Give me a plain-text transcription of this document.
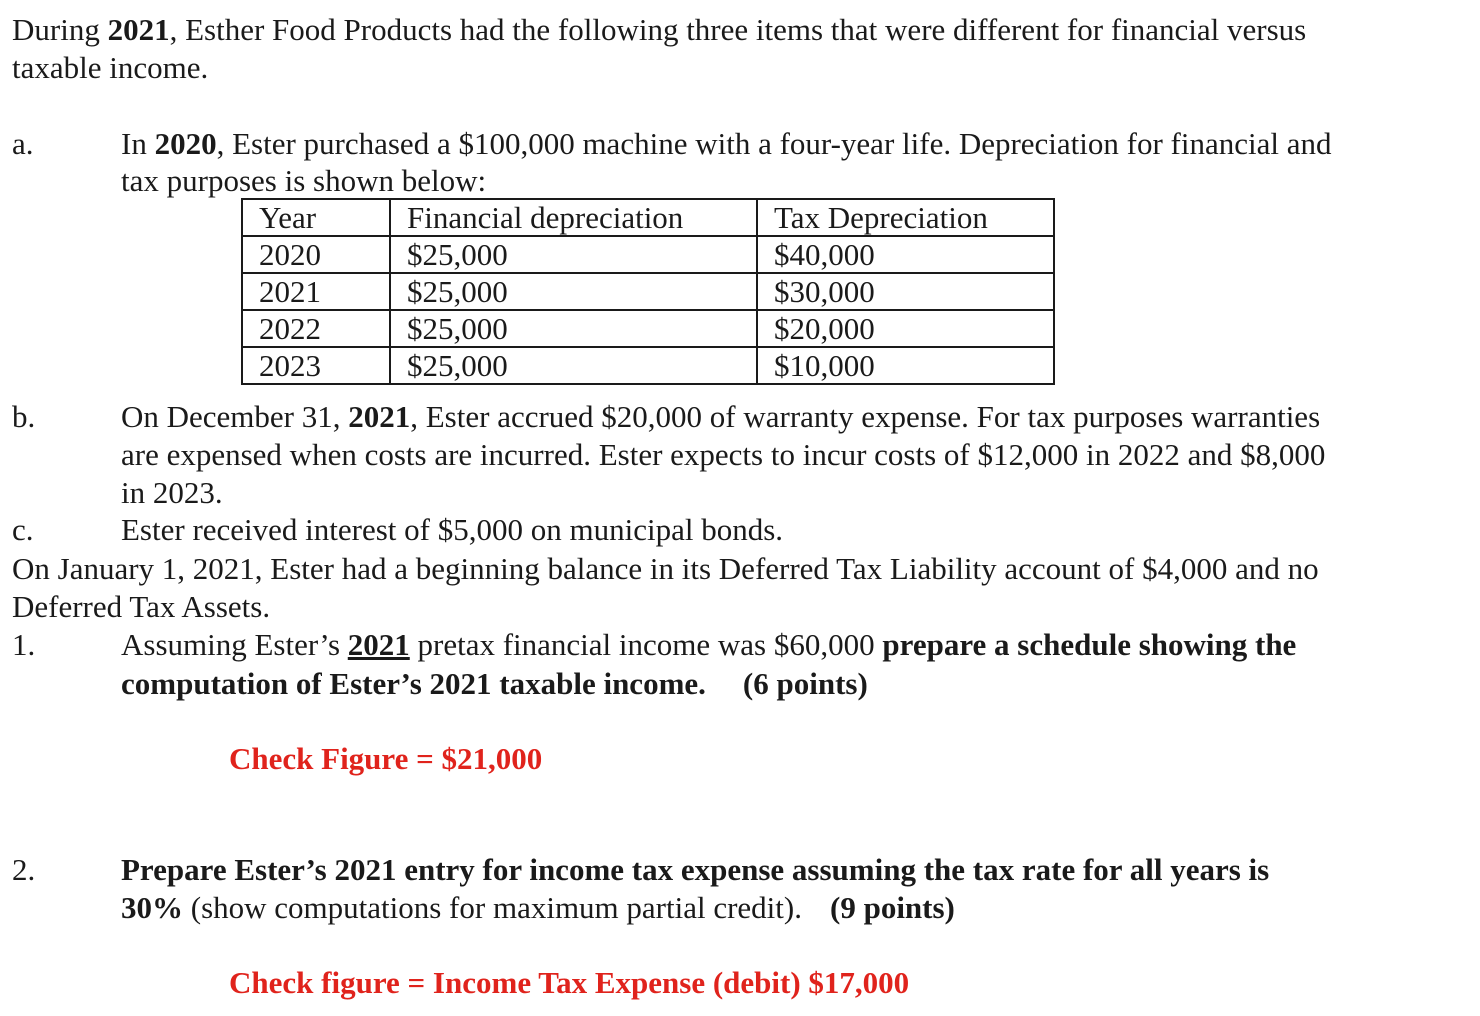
During 2021, Esther Food Products had the following three items that were different for financial versus
taxable income.
a.	In 2020, Ester purchased a $100,000 machine with a four-year life. Depreciation for financial and
tax purposes is shown below:
Year	Financial depreciation	Tax Depreciation
2020	$25,000	$40,000
2021	$25,000	$30,000
2022	$25,000	$20,000
2023	$25,000	$10,000
b.	On December 31, 2021, Ester accrued $20,000 of warranty expense. For tax purposes warranties
are expensed when costs are incurred. Ester expects to incur costs of $12,000 in 2022 and $8,000
in 2023.
c.	Ester received interest of $5,000 on municipal bonds.
On January 1, 2021, Ester had a beginning balance in its Deferred Tax Liability account of $4,000 and no
Deferred Tax Assets.
1.	Assuming Ester’s 2021 pretax financial income was $60,000 prepare a schedule showing the
computation of Ester’s 2021 taxable income. (6 points)
Check Figure = $21,000
2.	Prepare Ester’s 2021 entry for income tax expense assuming the tax rate for all years is
30% (show computations for maximum partial credit). (9 points)
Check figure = Income Tax Expense (debit) $17,000
